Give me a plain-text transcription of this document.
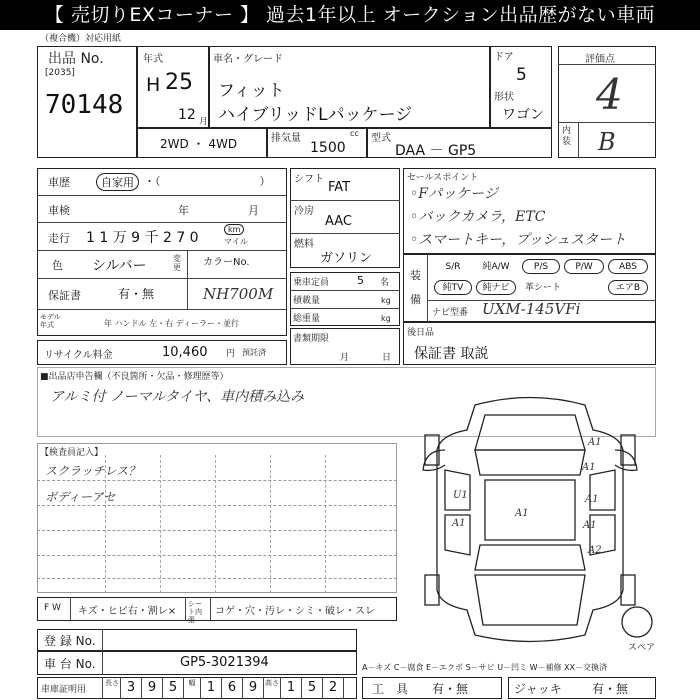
【 売切りEXコーナー 】 過去1年以上 オークション出品歴がない車両
（複合機）対応用紙
出品 No.
[2035]
70148
年式
H 25
12 月
車名・グレード
フィット
ハイブリッドLパッケージ
ドア
5
形状
ワゴン
評価点
4
内装 B
2WD ・ 4WD	排気量	cc
1500
型式
DAA － GP5
車歴	自家用 ・（　　　　　　　　　）
車検	年	月
走行 1 1 万 9 千 2 7 0
km
マイル
色 シルバー	変更 カラーNo.
NH700M
保証書	有・無
モデル年式	年 ハンドル 左・右 ディーラー・並行
リサイクル料金	10,460 円 預託済
シフト
FAT
冷房
AAC
燃料
ガソリン
乗車定員	5 名
積載量	kg
総重量	kg
書類期限
月	日
セールスポイント
◦Fパッケージ
◦バックカメラ，ETC
◦スマートキー，プッシュスタート
装備
S/R	純A/W	P/S	P/W	ABS
純TV	純ナビ	革シート	エアB
ナビ型番 UXM-145VFi
後日品
保証書 取説
■出品店申告欄（不良箇所・欠品・修理歴等）
アルミ付 ノーマルタイヤ、車内積み込み
【検査員記入】
スクラッチレス？
ボディーアセ
A1
A1
U1	A1
A1
A1
A1
A2
スペア
F W キズ・ヒビ右・割レ×
シート内張
コゲ・穴・汚レ・シミ・破レ・スレ
登 録 No.
車 台 No.	GP5-3021394	A－キズ C－腐食 E－エクボ S－サビ U－凹ミ W－補修 XX－交換済
車庫証明用
長さ 3 9 5	幅 1 6 9	高さ 1 5 2	工　具 有・無	ジャッキ	有・無
